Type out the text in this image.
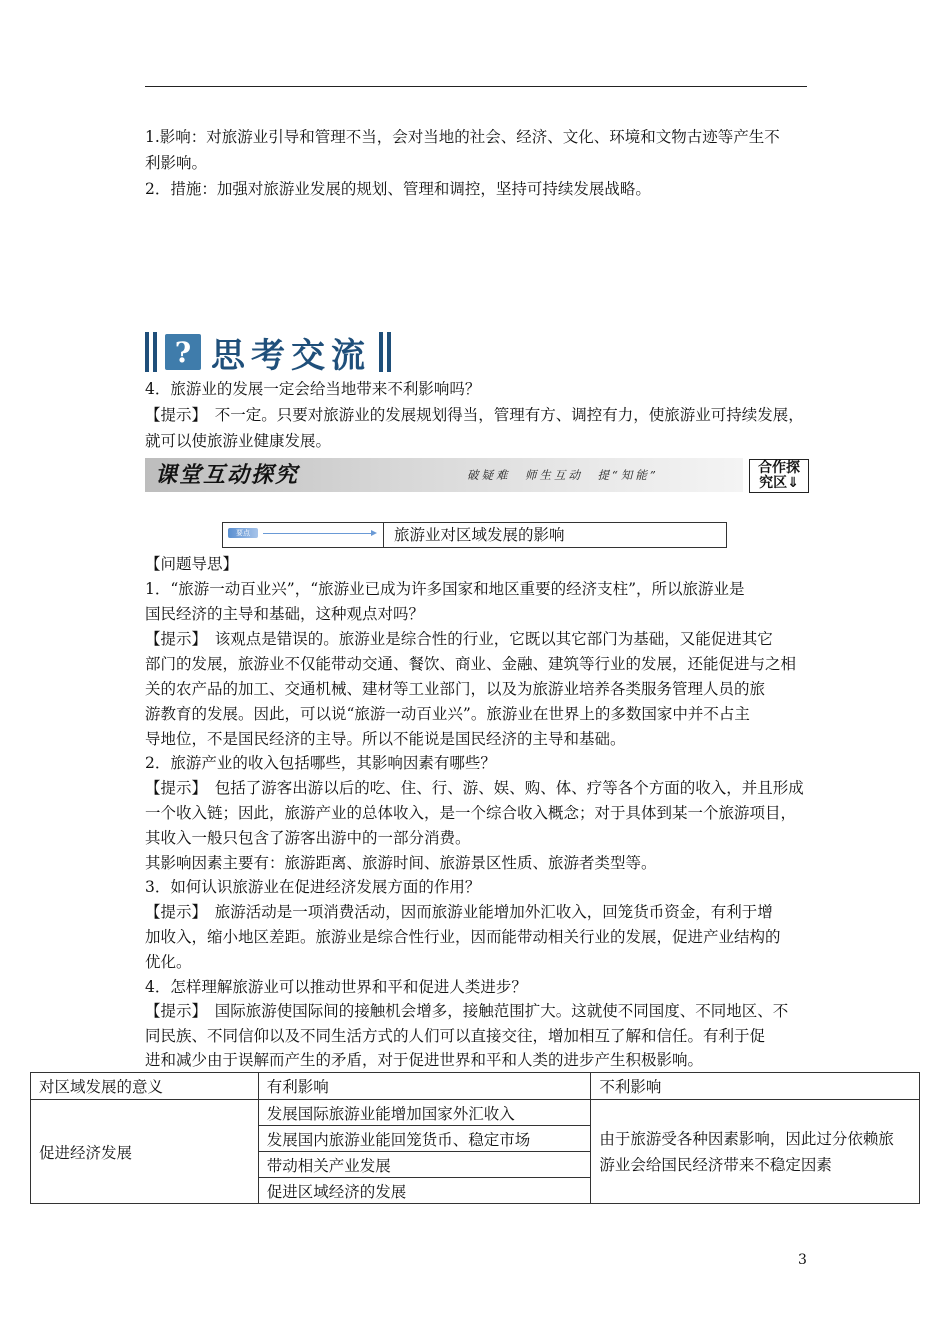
1.影响：对旅游业引导和管理不当，会对当地的社会、经济、文化、环境和文物古迹等产生不
利影响。
2．措施：加强对旅游业发展的规划、管理和调控，坚持可持续发展战略。
? 思考交流
4．旅游业的发展一定会给当地带来不利影响吗？
【提示】　不一定。只要对旅游业的发展规划得当，管理有方、调控有力，使旅游业可持续发展，
就可以使旅游业健康发展。
课堂互动探究	破疑难　师生互动　提“知能”	合作探
究区⇓
要点	旅游业对区域发展的影响
【问题导思】
1．“旅游一动百业兴”，“旅游业已成为许多国家和地区重要的经济支柱”，所以旅游业是
国民经济的主导和基础，这种观点对吗？
【提示】　该观点是错误的。旅游业是综合性的行业，它既以其它部门为基础，又能促进其它
部门的发展，旅游业不仅能带动交通、餐饮、商业、金融、建筑等行业的发展，还能促进与之相
关的农产品的加工、交通机械、建材等工业部门，以及为旅游业培养各类服务管理人员的旅
游教育的发展。因此，可以说“旅游一动百业兴”。旅游业在世界上的多数国家中并不占主
导地位，不是国民经济的主导。所以不能说是国民经济的主导和基础。
2．旅游产业的收入包括哪些，其影响因素有哪些？
【提示】　包括了游客出游以后的吃、住、行、游、娱、购、体、疗等各个方面的收入，并且形成
一个收入链；因此，旅游产业的总体收入，是一个综合收入概念；对于具体到某一个旅游项目，
其收入一般只包含了游客出游中的一部分消费。
其影响因素主要有：旅游距离、旅游时间、旅游景区性质、旅游者类型等。
3．如何认识旅游业在促进经济发展方面的作用？
【提示】　旅游活动是一项消费活动，因而旅游业能增加外汇收入，回笼货币资金，有利于增
加收入，缩小地区差距。旅游业是综合性行业，因而能带动相关行业的发展，促进产业结构的
优化。
4．怎样理解旅游业可以推动世界和平和促进人类进步？
【提示】　国际旅游使国际间的接触机会增多，接触范围扩大。这就使不同国度、不同地区、不
同民族、不同信仰以及不同生活方式的人们可以直接交往，增加相互了解和信任。有利于促
进和减少由于误解而产生的矛盾，对于促进世界和平和人类的进步产生积极影响。
对区域发展的意义	有利影响	不利影响
促进经济发展	发展国际旅游业能增加国家外汇收入	由于旅游受各种因素影响，因此过分依赖旅
游业会给国民经济带来不稳定因素

	发展国内旅游业能回笼货币、稳定市场	
	带动相关产业发展	
	促进区域经济的发展	
3
